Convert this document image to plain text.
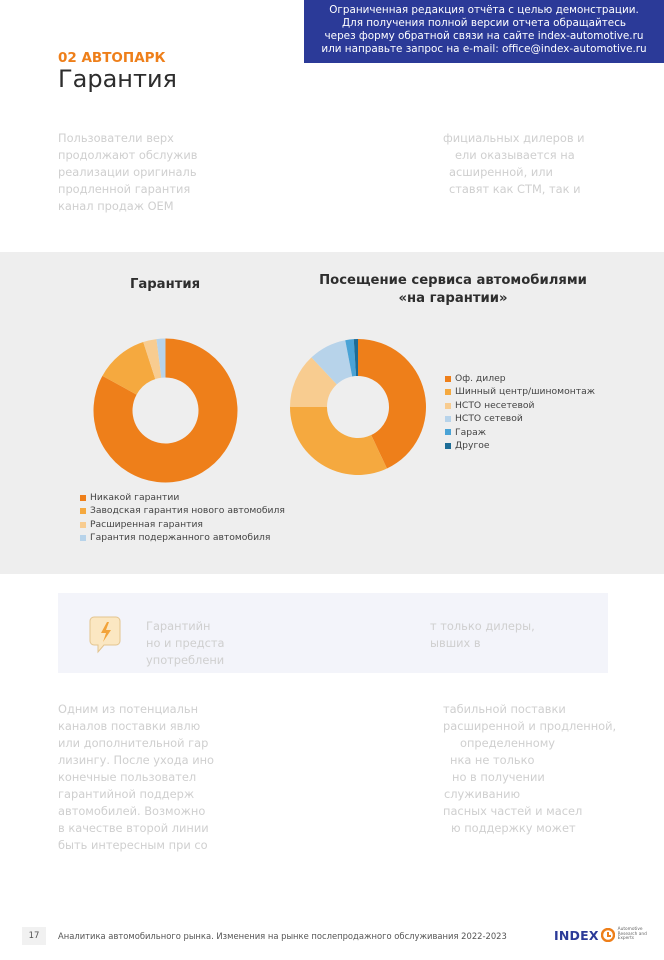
Ограниченная редакция отчёта с целью демонстрации.
Для получения полной версии отчета обращайтесь
через форму обратной связи на сайте index-automotive.ru
или направьте запрос на e-mail: office@index-automotive.ru
02 АВТОПАРК
Гарантия
Пользователи верх
продолжают обслужив
реализации оригиналь
продленной гарантия
канал продаж OEM
фициальных дилеров и
ели оказывается на
асширенной, или
ставят как СТМ, так и
Гарантия	Посещение сервиса автомобилями
«на гарантии»
Оф. дилер
Шинный центр/шиномонтаж
НСТО несетевой
НСТО сетевой
Гараж
Другое
Никакой гарантии
Заводская гарантия нового автомобиля
Расширенная гарантия
Гарантия подержанного автомобиля
Гарантийн
но и предста
употреблени
т только дилеры,
ывших в
Одним из потенциальн
каналов поставки явлю
или дополнительной гар
лизингу. После ухода ино
конечные пользовател
гарантийной поддерж
автомобилей. Возможно
в качестве второй линии
быть интересным при со
табильной поставки
расширенной и продленной,
определенному
нка не только
но в получении
служиванию
пасных частей и масел
ю поддержку может
17	Аналитика автомобильного рынка. Изменения на рынке послепродажного обслуживания 2022-2023	INDEX	Automotive
Research and
Experts
